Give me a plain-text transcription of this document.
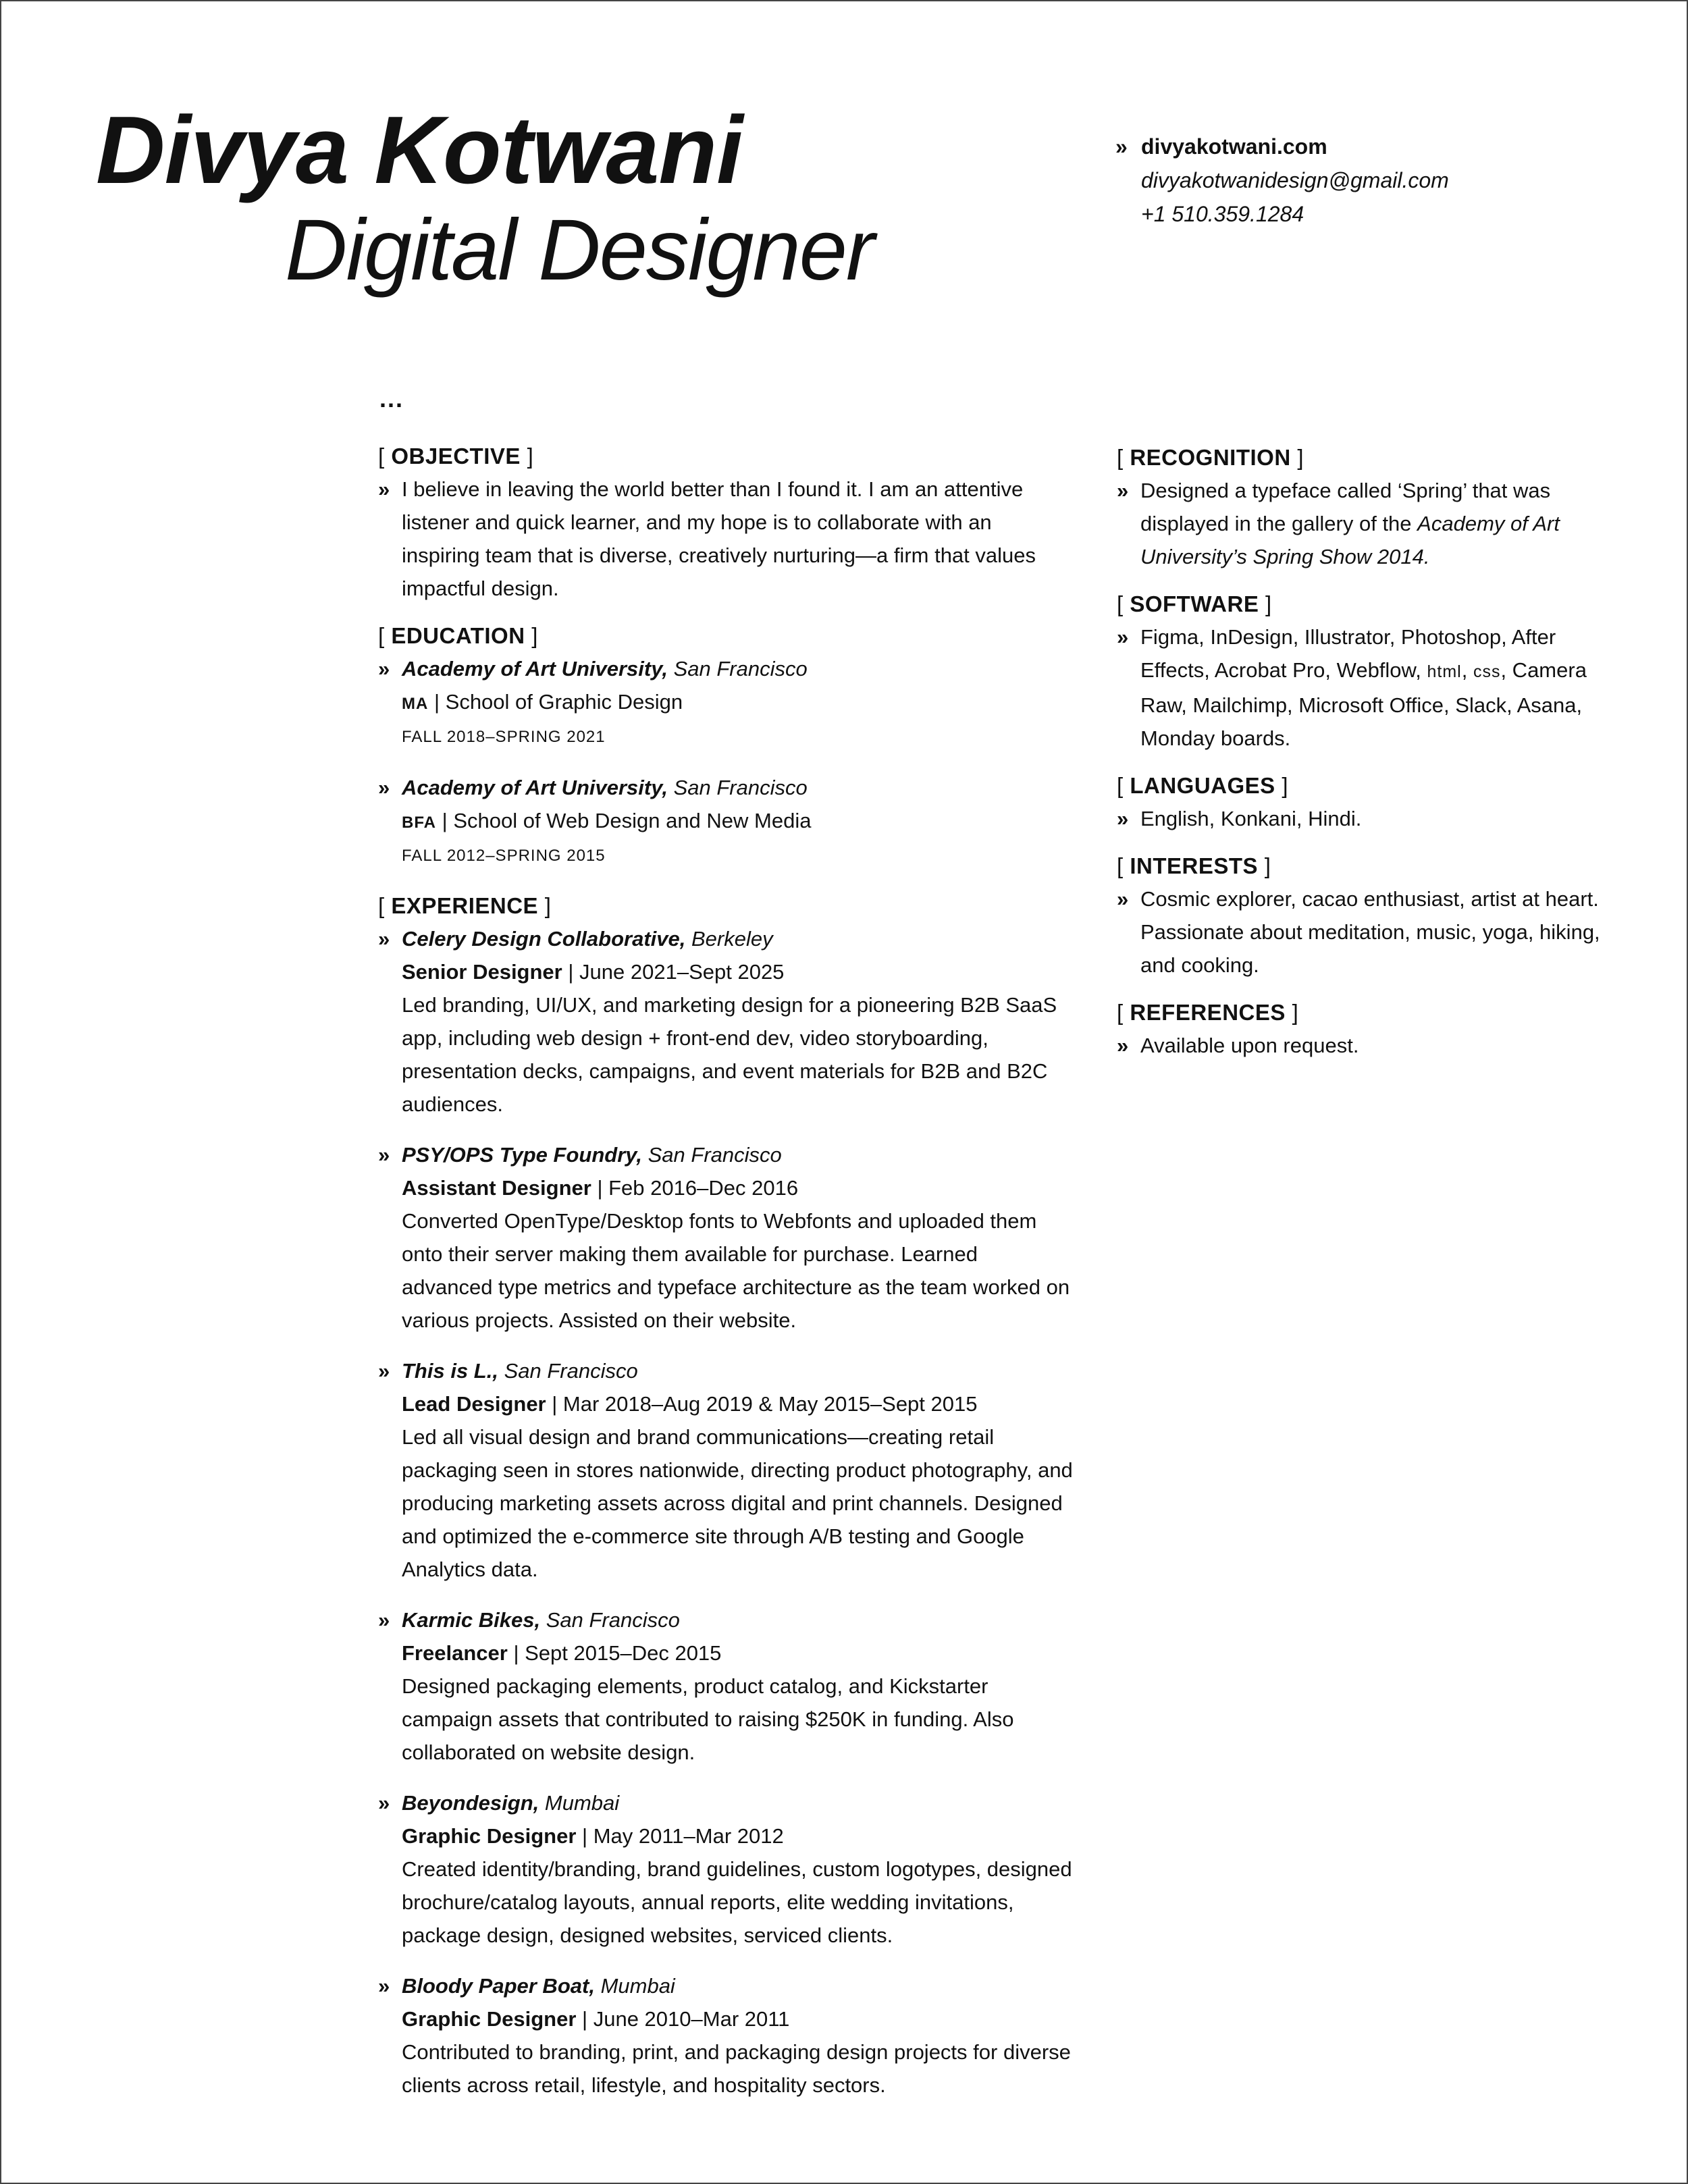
Divya Kotwani
Digital Designer
» divyakotwani.com
divyakotwanidesign@gmail.com
+1 510.359.1284
...
[ OBJECTIVE ]
» I believe in leaving the world better than I found it. I am an attentive listener and quick learner, and my hope is to collaborate with an inspiring team that is diverse, creatively nurturing—a firm that values impactful design.
[ EDUCATION ]
» Academy of Art University, San Francisco
MA | School of Graphic Design
FALL 2018–SPRING 2021
» Academy of Art University, San Francisco
BFA | School of Web Design and New Media
FALL 2012–SPRING 2015
[ EXPERIENCE ]
» Celery Design Collaborative, Berkeley
Senior Designer | June 2021–Sept 2025
Led branding, UI/UX, and marketing design for a pioneering B2B SaaS app, including web design + front-end dev, video storyboarding, presentation decks, campaigns, and event materials for B2B and B2C audiences.
» PSY/OPS Type Foundry, San Francisco
Assistant Designer | Feb 2016–Dec 2016
Converted OpenType/Desktop fonts to Webfonts and uploaded them onto their server making them available for purchase. Learned advanced type metrics and typeface architecture as the team worked on various projects. Assisted on their website.
» This is L., San Francisco
Lead Designer | Mar 2018–Aug 2019 & May 2015–Sept 2015
Led all visual design and brand communications—creating retail packaging seen in stores nationwide, directing product photography, and producing marketing assets across digital and print channels. Designed and optimized the e-commerce site through A/B testing and Google Analytics data.
» Karmic Bikes, San Francisco
Freelancer | Sept 2015–Dec 2015
Designed packaging elements, product catalog, and Kickstarter campaign assets that contributed to raising $250K in funding. Also collaborated on website design.
» Beyondesign, Mumbai
Graphic Designer | May 2011–Mar 2012
Created identity/branding, brand guidelines, custom logotypes, designed brochure/catalog layouts, annual reports, elite wedding invitations, package design, designed websites, serviced clients.
» Bloody Paper Boat, Mumbai
Graphic Designer | June 2010–Mar 2011
Contributed to branding, print, and packaging design projects for diverse clients across retail, lifestyle, and hospitality sectors.
[ RECOGNITION ]
» Designed a typeface called ‘Spring’ that was displayed in the gallery of the Academy of Art University’s Spring Show 2014.
[ SOFTWARE ]
» Figma, InDesign, Illustrator, Photoshop, After Effects, Acrobat Pro, Webflow, html, css, Camera Raw, Mailchimp, Microsoft Office, Slack, Asana, Monday boards.
[ LANGUAGES ]
» English, Konkani, Hindi.
[ INTERESTS ]
» Cosmic explorer, cacao enthusiast, artist at heart. Passionate about meditation, music, yoga, hiking, and cooking.
[ REFERENCES ]
» Available upon request.
